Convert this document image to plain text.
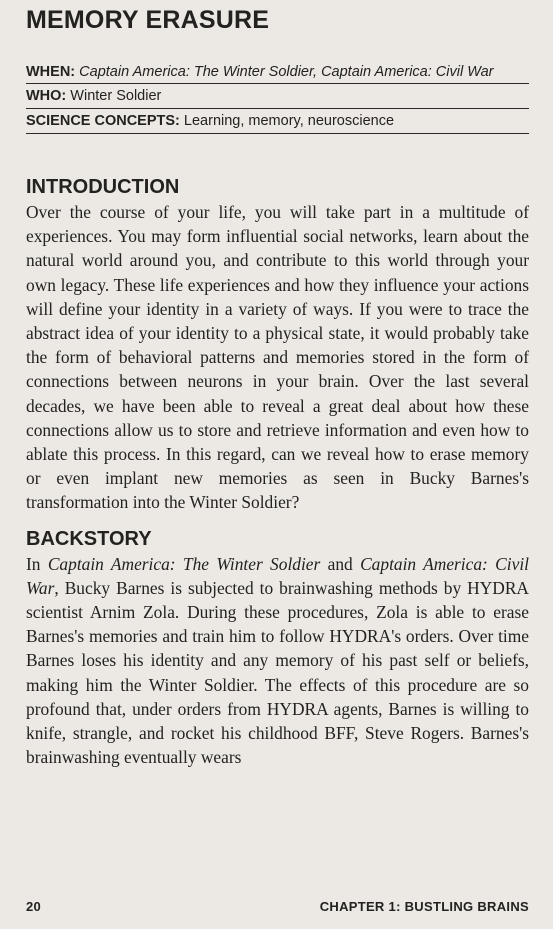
MEMORY ERASURE
WHEN: Captain America: The Winter Soldier, Captain America: Civil War
WHO: Winter Soldier
SCIENCE CONCEPTS: Learning, memory, neuroscience
INTRODUCTION

Over the course of your life, you will take part in a multitude of experiences. You may form influential social networks, learn about the natural world around you, and contribute to this world through your own legacy. These life experiences and how they influence your actions will define your identity in a variety of ways. If you were to trace the abstract idea of your identity to a physical state, it would probably take the form of behavioral patterns and memories stored in the form of connections between neurons in your brain. Over the last several decades, we have been able to reveal a great deal about how these connections allow us to store and retrieve information and even how to ablate this process. In this regard, can we reveal how to erase memory or even implant new memories as seen in Bucky Barnes's transformation into the Winter Soldier?

BACKSTORY

In Captain America: The Winter Soldier and Captain America: Civil War, Bucky Barnes is subjected to brainwashing methods by HYDRA scientist Arnim Zola. During these procedures, Zola is able to erase Barnes's memories and train him to follow HYDRA's orders. Over time Barnes loses his identity and any memory of his past self or beliefs, making him the Winter Soldier. The effects of this procedure are so profound that, under orders from HYDRA agents, Barnes is willing to knife, strangle, and rocket his childhood BFF, Steve Rogers. Barnes's brainwashing eventually wears

20	CHAPTER 1: BUSTLING BRAINS
